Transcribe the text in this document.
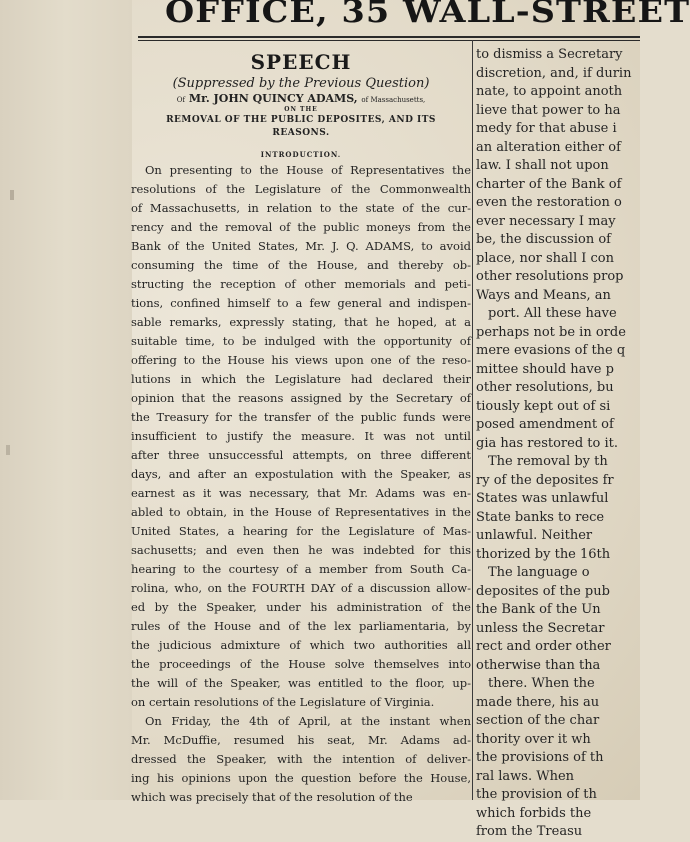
OFFICE, 35 WALL-STREET
SPEECH
(Suppressed by the Previous Question)
Of Mr. JOHN QUINCY ADAMS, of Massachusetts,
ON THE
REMOVAL OF THE PUBLIC DEPOSITES, AND ITS REASONS.
INTRODUCTION.
On presenting to the House of Representatives the
resolutions of the Legislature of the Commonwealth
of Massachusetts, in relation to the state of the cur-
rency and the removal of the public moneys from the
Bank of the United States, Mr. J. Q. ADAMS, to avoid
consuming the time of the House, and thereby ob-
structing the reception of other memorials and peti-
tions, confined himself to a few general and indispen-
sable remarks, expressly stating, that he hoped, at a
suitable time, to be indulged with the opportunity of
offering to the House his views upon one of the reso-
lutions in which the Legislature had declared their
opinion that the reasons assigned by the Secretary of
the Treasury for the transfer of the public funds were
insufficient to justify the measure. It was not until
after three unsuccessful attempts, on three different
days, and after an expostulation with the Speaker, as
earnest as it was necessary, that Mr. Adams was en-
abled to obtain, in the House of Representatives in the
United States, a hearing for the Legislature of Mas-
sachusetts; and even then he was indebted for this
hearing to the courtesy of a member from South Ca-
rolina, who, on the FOURTH DAY of a discussion allow-
ed by the Speaker, under his administration of the
rules of the House and of the lex parliamentaria, by
the judicious admixture of which two authorities all
the proceedings of the House solve themselves into
the will of the Speaker, was entitled to the floor, up-
on certain resolutions of the Legislature of Virginia.
On Friday, the 4th of April, at the instant when
Mr. McDuffie, resumed his seat, Mr. Adams ad-
dressed the Speaker, with the intention of deliver-
ing his opinions upon the question before the House,
which was precisely that of the resolution of the
to dismiss a Secretary
discretion, and, if durin
nate, to appoint anoth
lieve that power to ha
medy for that abuse i
an alteration either of
law. I shall not upon
charter of the Bank of
even the restoration o
ever necessary I may
be, the discussion of
place, nor shall I con
other resolutions prop
Ways and Means, an
port. All these have
perhaps not be in orde
mere evasions of the q
mittee should have p
other resolutions, bu
tiously kept out of si
posed amendment of
gia has restored to it.
The removal by th
ry of the deposites fr
States was unlawful
State banks to rece
unlawful. Neither
thorized by the 16th
The language o
deposites of the pub
the Bank of the Un
unless the Secretar
rect and order other
otherwise than tha
there. When the
made there, his au
section of the char
thority over it wh
the provisions of th
ral laws. When
the provision of th
which forbids the
from the Treasu
